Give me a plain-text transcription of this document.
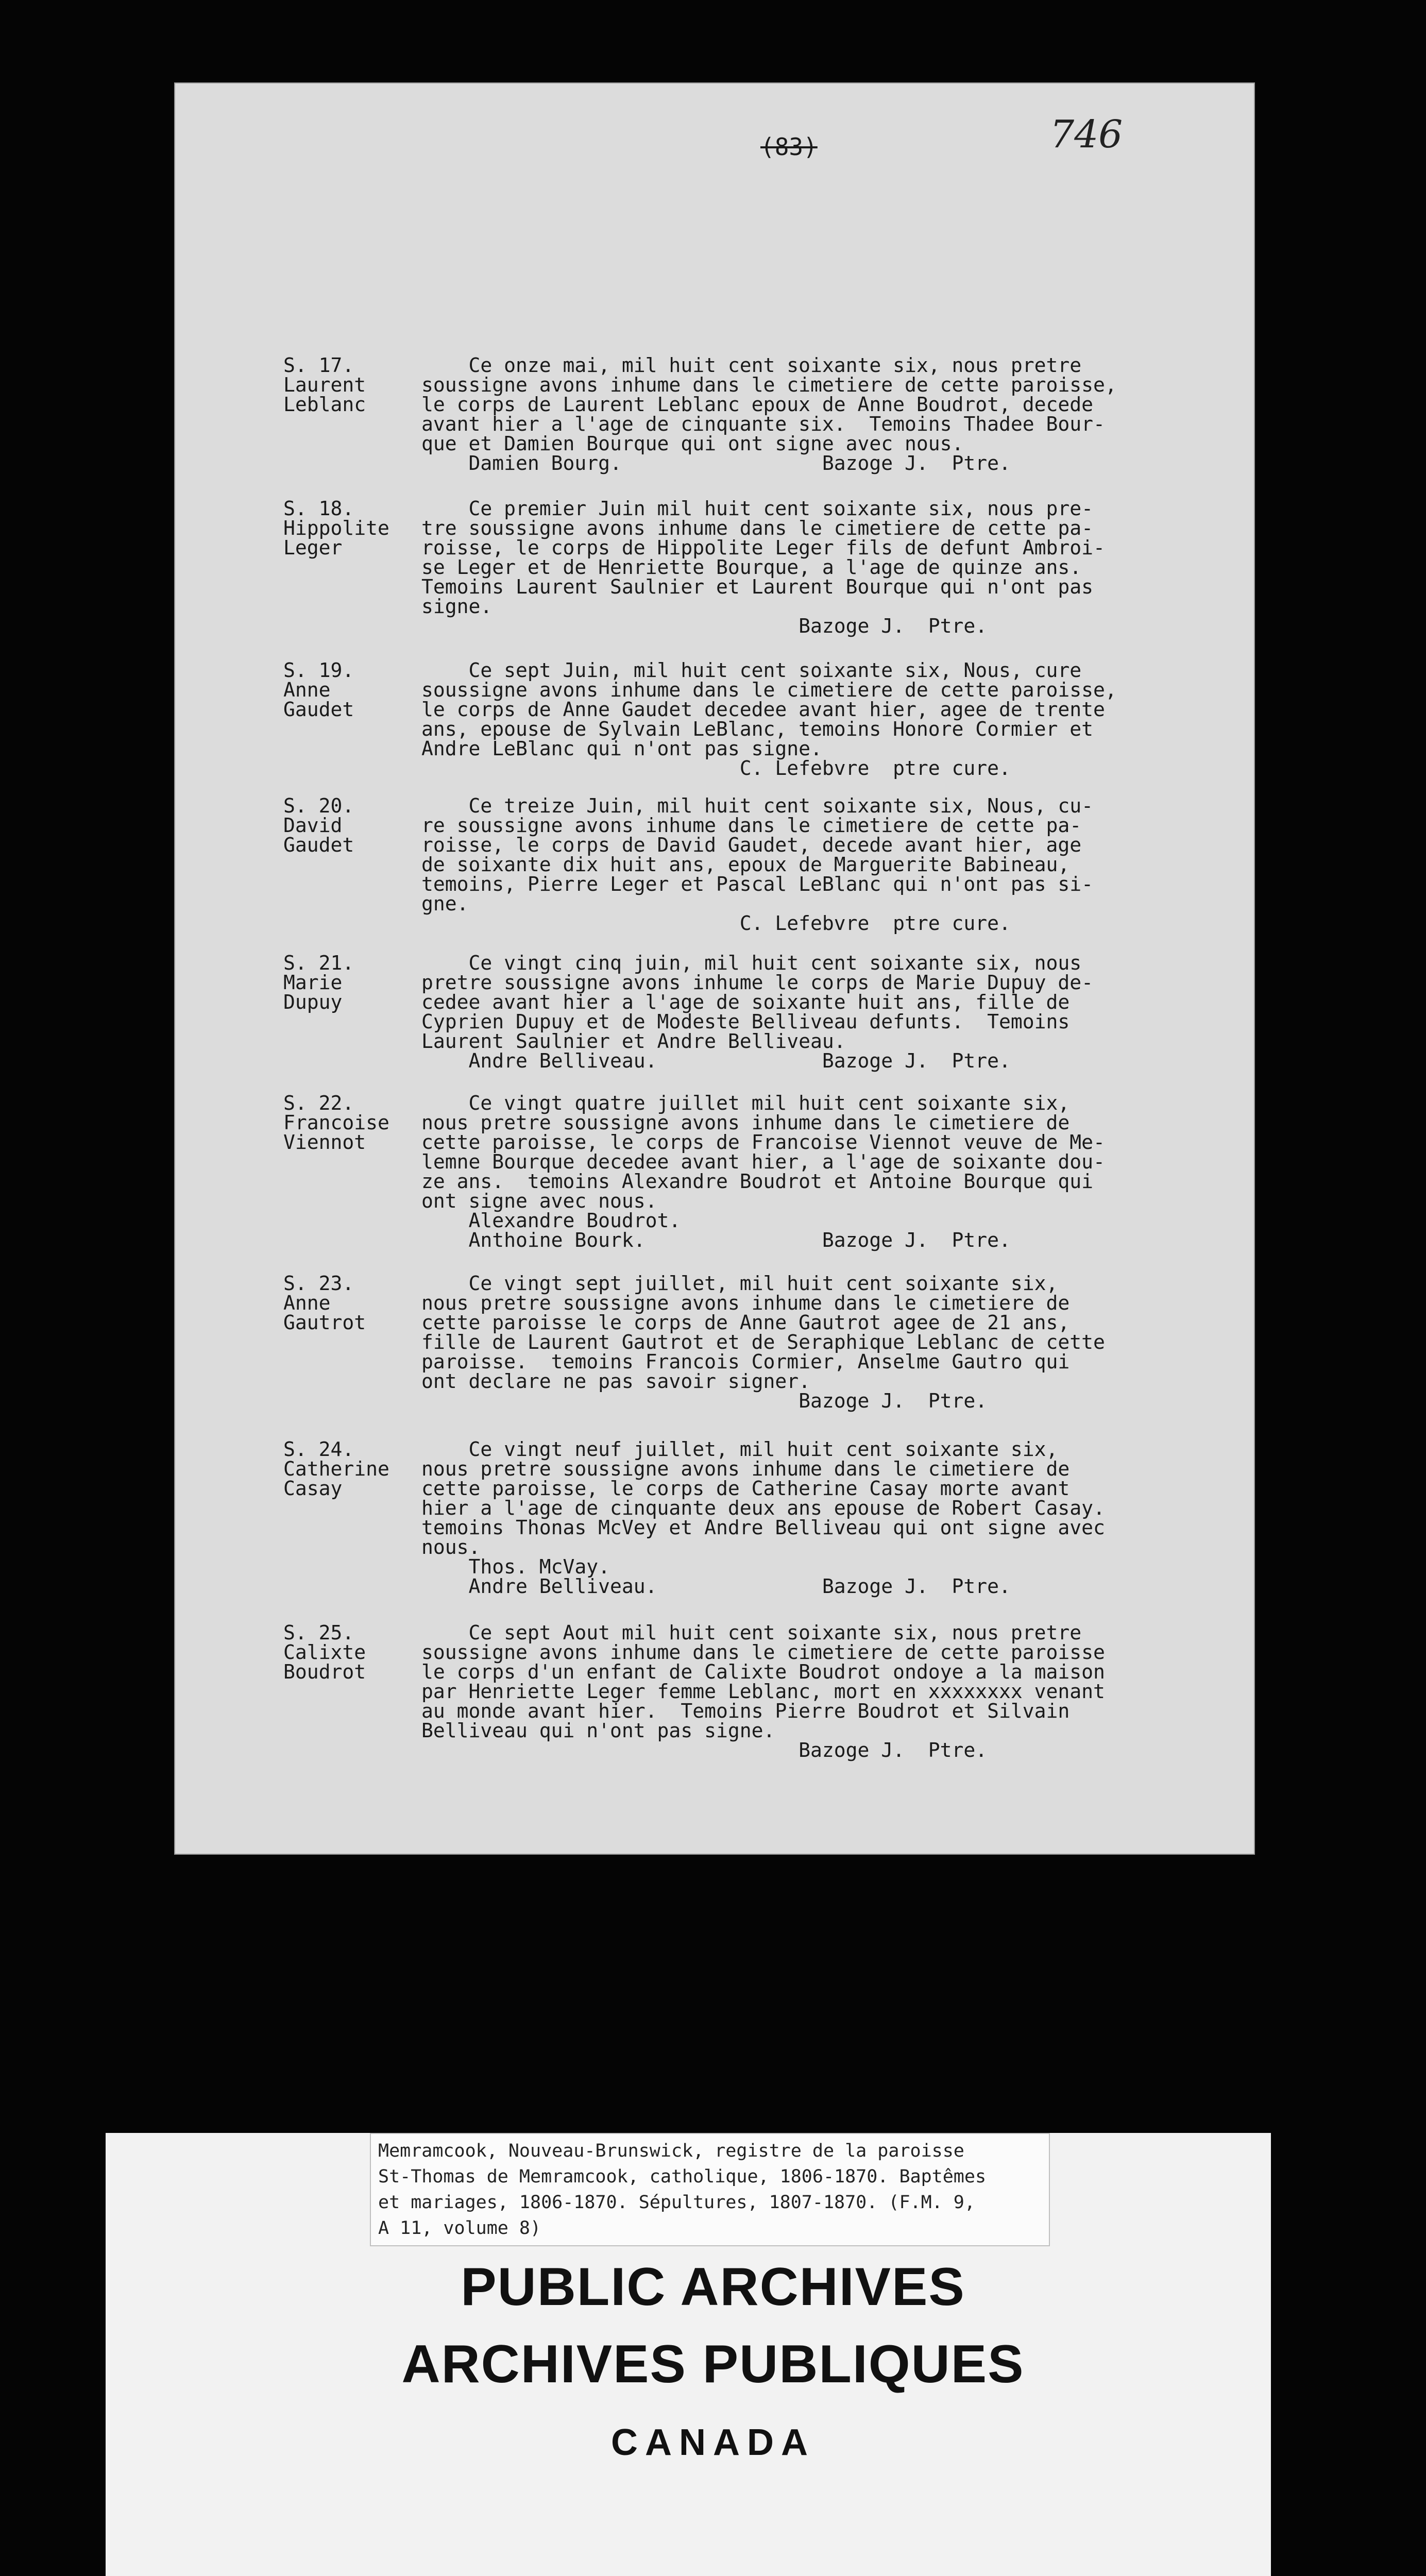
(83)	746
S. 17.
Laurent
Leblanc
Ce onze mai, mil huit cent soixante six, nous pretre
soussigne avons inhume dans le cimetiere de cette paroisse,
le corps de Laurent Leblanc epoux de Anne Boudrot, decede
avant hier a l'age de cinquante six.  Temoins Thadee Bour-
que et Damien Bourque qui ont signe avec nous.
Damien Bourg.                 Bazoge J.  Ptre.
S. 18.
Hippolite
Leger
Ce premier Juin mil huit cent soixante six, nous pre-
tre soussigne avons inhume dans le cimetiere de cette pa-
roisse, le corps de Hippolite Leger fils de defunt Ambroi-
se Leger et de Henriette Bourque, a l'age de quinze ans.
Temoins Laurent Saulnier et Laurent Bourque qui n'ont pas
signe.
Bazoge J.  Ptre.
S. 19.
Anne
Gaudet
Ce sept Juin, mil huit cent soixante six, Nous, cure
soussigne avons inhume dans le cimetiere de cette paroisse,
le corps de Anne Gaudet decedee avant hier, agee de trente
ans, epouse de Sylvain LeBlanc, temoins Honore Cormier et
Andre LeBlanc qui n'ont pas signe.
C. Lefebvre  ptre cure.
S. 20.
David
Gaudet
Ce treize Juin, mil huit cent soixante six, Nous, cu-
re soussigne avons inhume dans le cimetiere de cette pa-
roisse, le corps de David Gaudet, decede avant hier, age
de soixante dix huit ans, epoux de Marguerite Babineau,
temoins, Pierre Leger et Pascal LeBlanc qui n'ont pas si-
gne.
C. Lefebvre  ptre cure.
S. 21.
Marie
Dupuy
Ce vingt cinq juin, mil huit cent soixante six, nous
pretre soussigne avons inhume le corps de Marie Dupuy de-
cedee avant hier a l'age de soixante huit ans, fille de
Cyprien Dupuy et de Modeste Belliveau defunts.  Temoins
Laurent Saulnier et Andre Belliveau.
Andre Belliveau.              Bazoge J.  Ptre.
S. 22.
Francoise
Viennot
Ce vingt quatre juillet mil huit cent soixante six,
nous pretre soussigne avons inhume dans le cimetiere de
cette paroisse, le corps de Francoise Viennot veuve de Me-
lemne Bourque decedee avant hier, a l'age de soixante dou-
ze ans.  temoins Alexandre Boudrot et Antoine Bourque qui
ont signe avec nous.
Alexandre Boudrot.
Anthoine Bourk.               Bazoge J.  Ptre.
S. 23.
Anne
Gautrot
Ce vingt sept juillet, mil huit cent soixante six,
nous pretre soussigne avons inhume dans le cimetiere de
cette paroisse le corps de Anne Gautrot agee de 21 ans,
fille de Laurent Gautrot et de Seraphique Leblanc de cette
paroisse.  temoins Francois Cormier, Anselme Gautro qui
ont declare ne pas savoir signer.
Bazoge J.  Ptre.
S. 24.
Catherine
Casay
Ce vingt neuf juillet, mil huit cent soixante six,
nous pretre soussigne avons inhume dans le cimetiere de
cette paroisse, le corps de Catherine Casay morte avant
hier a l'age de cinquante deux ans epouse de Robert Casay.
temoins Thonas McVey et Andre Belliveau qui ont signe avec
nous.
Thos. McVay.
Andre Belliveau.              Bazoge J.  Ptre.
S. 25.
Calixte
Boudrot
Ce sept Aout mil huit cent soixante six, nous pretre
soussigne avons inhume dans le cimetiere de cette paroisse
le corps d'un enfant de Calixte Boudrot ondoye a la maison
par Henriette Leger femme Leblanc, mort en xxxxxxxx venant
au monde avant hier.  Temoins Pierre Boudrot et Silvain
Belliveau qui n'ont pas signe.
Bazoge J.  Ptre.
Memramcook, Nouveau-Brunswick, registre de la paroisse
St-Thomas de Memramcook, catholique, 1806-1870. Baptêmes
et mariages, 1806-1870. Sépultures, 1807-1870. (F.M. 9,
A 11, volume 8)
PUBLIC ARCHIVES
ARCHIVES PUBLIQUES
CANADA
